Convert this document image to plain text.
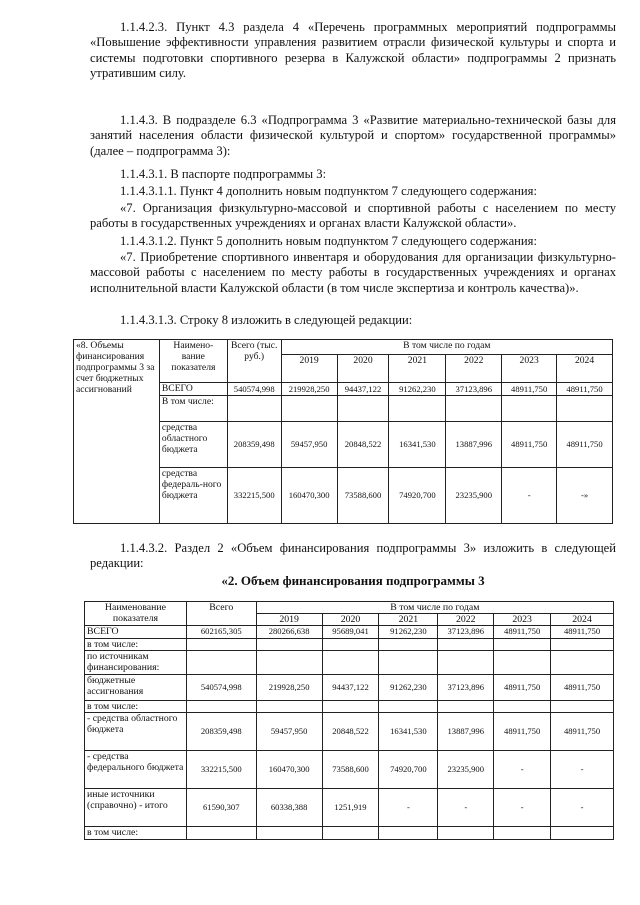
1.1.4.2.3. Пункт 4.3 раздела 4 «Перечень программных мероприятий подпрограммы «Повышение эффективности управления развитием отрасли физической культуры и спорта и системы подготовки спортивного резерва в Калужской области» подпрограммы 2 признать утратившим силу.

1.1.4.3. В подразделе 6.3 «Подпрограмма 3 «Развитие материально-технической базы для занятий населения области физической культурой и спортом» государственной программы» (далее – подпрограмма 3):

1.1.4.3.1. В паспорте подпрограммы 3:

1.1.4.3.1.1. Пункт 4 дополнить новым подпунктом 7 следующего содержания:

«7. Организация физкультурно-массовой и спортивной работы с населением по месту работы в государственных учреждениях и органах власти Калужской области».

1.1.4.3.1.2. Пункт 5 дополнить новым подпунктом 7 следующего содержания:

«7. Приобретение спортивного инвентаря и оборудования для организации физкультурно-массовой работы с населением по месту работы в государственных учреждениях и органах исполнительной власти Калужской области (в том числе экспертиза и контроль качества)».

1.1.4.3.1.3. Строку 8 изложить в следующей редакции:

«8. Объемы финансирования подпрограммы 3 за счет бюджетных ассигнований	Наимено-вание показателя	Всего (тыс. руб.)	В том числе по годам					
			2019	2020	2021	2022	2023	2024
	ВСЕГО	540574,998	219928,250	94437,122	91262,230	37123,896	48911,750	48911,750
	В том числе:							
	средства областного бюджета	208359,498	59457,950	20848,522	16341,530	13887,996	48911,750	48911,750
	средства федераль-ного бюджета	332215,500	160470,300	73588,600	74920,700	23235,900	-	-»

1.1.4.3.2. Раздел 2 «Объем финансирования подпрограммы 3» изложить в следующей редакции:

«2. Объем финансирования подпрограммы 3

Наименование показателя	Всего	В том числе по годам					
		2019	2020	2021	2022	2023	2024
ВСЕГО	602165,305	280266,638	95689,041	91262,230	37123,896	48911,750	48911,750
в том числе:							
по источникам финансирования:							
бюджетные ассигнования	540574,998	219928,250	94437,122	91262,230	37123,896	48911,750	48911,750
в том числе:							
- средства областного бюджета	208359,498	59457,950	20848,522	16341,530	13887,996	48911,750	48911,750
- средства федерального бюджета	332215,500	160470,300	73588,600	74920,700	23235,900	-	-
иные источники (справочно) - итого	61590,307	60338,388	1251,919	-	-	-	-
в том числе:							
